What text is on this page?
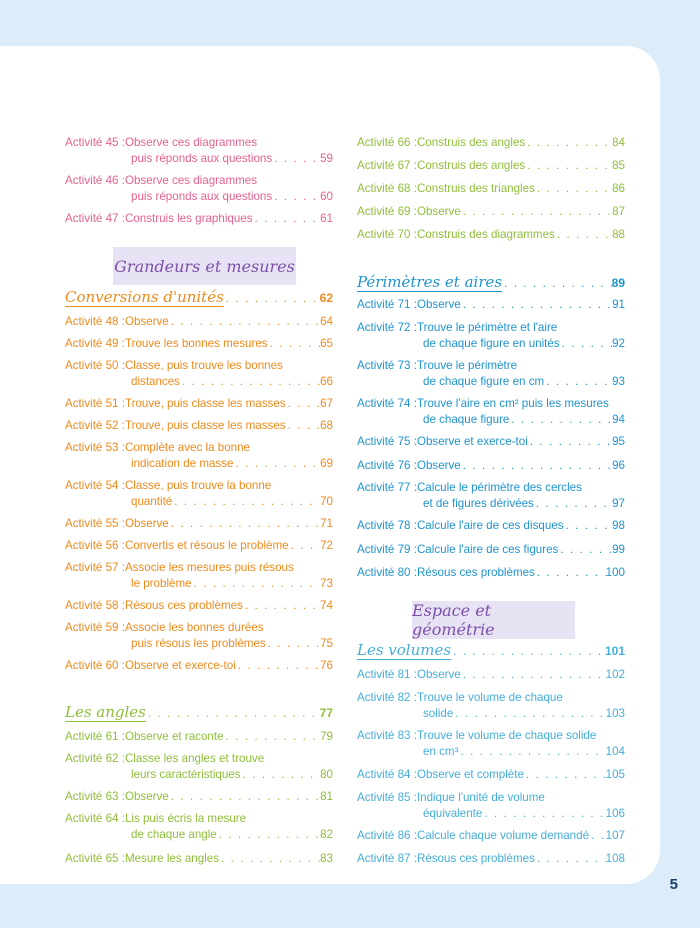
Activité 45 : Observe ces diagrammes
puis réponds aux questions . . .	59
Activité 46 : Observe ces diagrammes
puis réponds aux questions . . .	60
Activité 47 : Construis les graphiques . . .	61
Conversions d'unités . . .	62
Activité 48 : Observe . . .	64
Activité 49 : Trouve les bonnes mesures . . .	65
Activité 50 : Classe, puis trouve les bonnes
distances . . .	66
Activité 51 : Trouve, puis classe les masses . . .	67
Activité 52 : Trouve, puis classe les masses . . .	68
Activité 53 : Complète avec la bonne
indication de masse . . .	69
Activité 54 : Classe, puis trouve la bonne
quantité . . .	70
Activité 55 : Observe . . .	71
Activité 56 : Convertis et résous le problème . . .	72
Activité 57 : Associe les mesures puis résous
le problème . . .	73
Activité 58 : Résous ces problèmes . . .	74
Activité 59 : Associe les bonnes durées
puis résous les problèmes . . .	75
Activité 60 : Observe et exerce-toi . . .	76
Les angles . . .	77
Activité 61 : Observe et raconte . . .	79
Activité 62 : Classe les angles et trouve
leurs caractéristiques . . .	80
Activité 63 : Observe . . .	81
Activité 64 : Lis puis écris la mesure
de chaque angle . . .	82
Activité 65 : Mesure les angles . . .	83
Activité 66 : Construis des angles . . .	84
Activité 67 : Construis des angles . . .	85
Activité 68 : Construis des triangles . . .	86
Activité 69 : Observe . . .	87
Activité 70 : Construis des diagrammes . . .	88
Périmètres et aires . . .	89
Activité 71 : Observe . . .	91
Activité 72 : Trouve le périmètre et l'aire
de chaque figure en unités . . .	92
Activité 73 : Trouve le périmètre
de chaque figure en cm . . .	93
Activité 74 : Trouve l'aire en cm² puis les mesures
de chaque figure . . .	94
Activité 75 : Observe et exerce-toi . . .	95
Activité 76 : Observe . . .	96
Activité 77 : Calcule le périmètre des cercles
et de figures dérivées . . .	97
Activité 78 : Calcule l'aire de ces disques . . .	98
Activité 79 : Calcule l'aire de ces figures . . .	99
Activité 80 : Résous ces problèmes . . .	100
Les volumes . . .	101
Activité 81 : Observe . . .	102
Activité 82 : Trouve le volume de chaque
solide . . .	103
Activité 83 : Trouve le volume de chaque solide
en cm³ . . .	104
Activité 84 : Observe et complète . . .	105
Activité 85 : Indique l'unité de volume
équivalente . . .	106
Activité 86 : Calcule chaque volume demandé . . . 107
Activité 87 : Résous ces problèmes . . .	108
5
Grandeurs et mesures
Espace et géométrie
